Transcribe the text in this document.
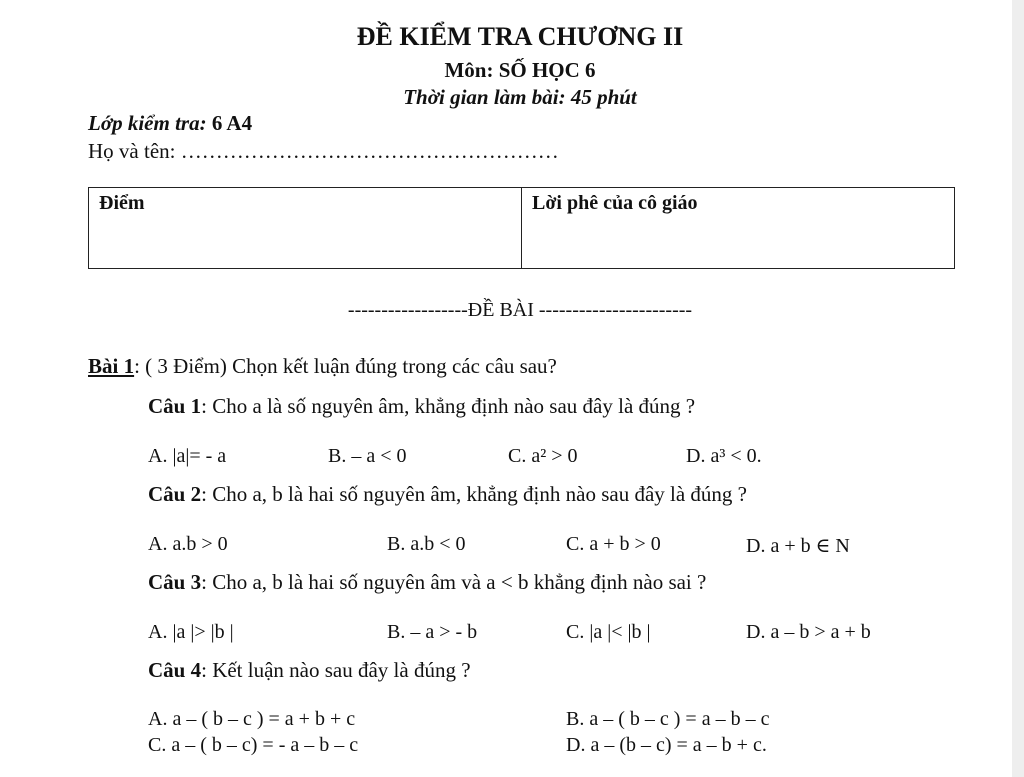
ĐỀ KIỂM TRA CHƯƠNG II
Môn: SỐ HỌC 6
Thời gian làm bài: 45 phút
Lớp kiểm tra: 6 A4
Họ và tên: ………………………………………………
Điểm	Lời phê của cô giáo
------------------ĐỀ BÀI -----------------------
Bài 1: ( 3 Điểm) Chọn kết luận đúng trong các câu sau?
Câu 1: Cho a là số nguyên âm, khẳng định nào sau đây là đúng ?
A. |a|= - a	B. – a < 0	C. a² > 0	D. a³ < 0.
Câu 2: Cho a, b là hai số nguyên âm, khẳng định nào sau đây là đúng ?
A. a.b > 0	B. a.b < 0	C. a + b > 0	D. a + b ∈ N
Câu 3: Cho a, b là hai số nguyên âm và a < b khẳng định nào sai ?
A. |a |> |b |	B. – a > - b	C. |a |< |b |	D. a – b > a + b
Câu 4: Kết luận nào sau đây là đúng ?
A. a – ( b – c ) = a + b + c	B. a – ( b – c ) = a – b – c
C. a – ( b – c) = - a – b – c	D. a – (b – c) = a – b + c.
